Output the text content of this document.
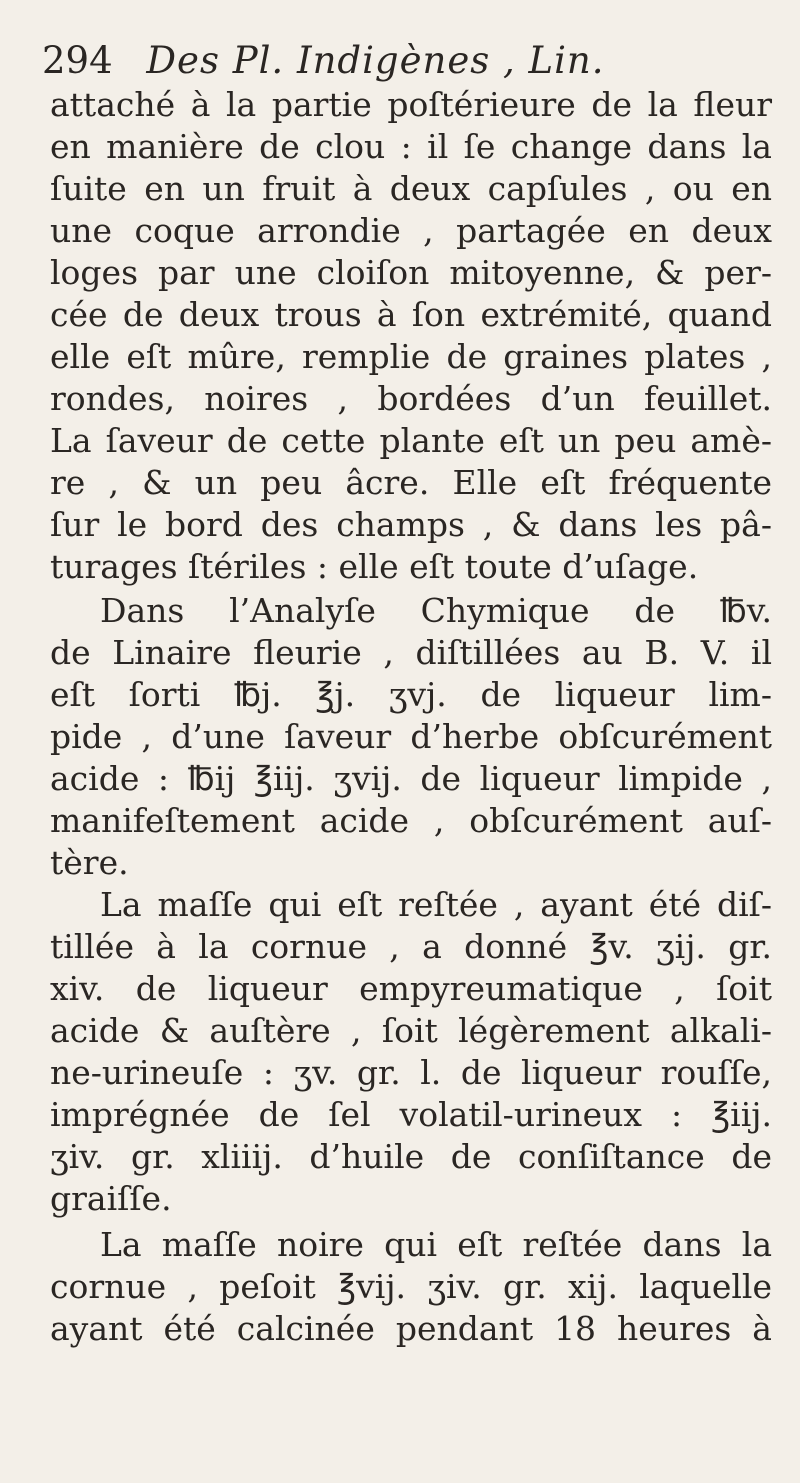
294 Des Pl. Indigènes , Lin.
attaché à la partie poſtérieure de la fleur
en manière de clou : il ſe change dans la
ſuite en un fruit à deux capſules , ou en
une coque arrondie , partagée en deux
loges par une cloiſon mitoyenne, & per-
cée de deux trous à ſon extrémité, quand
elle eſt mûre, remplie de graines plates ,
rondes, noires , bordées d’un feuillet.
La ſaveur de cette plante eſt un peu amè-
re , & un peu âcre. Elle eſt fréquente
ſur le bord des champs , & dans les pâ-
turages ſtériles : elle eſt toute d’uſage.
Dans l’Analyſe Chymique de ℔v.
de Linaire fleurie , diſtillées au B. V. il
eſt ſorti ℔j. ℥j. ʒvj. de liqueur lim-
pide , d’une ſaveur d’herbe obſcurément
acide : ℔ij ℥iij. ʒvij. de liqueur limpide ,
manifeſtement acide , obſcurément auſ-
tère.
La maſſe qui eſt reſtée , ayant été diſ-
tillée à la cornue , a donné ℥v. ʒij. gr.
xiv. de liqueur empyreumatique , ſoit
acide & auſtère , ſoit légèrement alkali-
ne-urineuſe : ʒv. gr. l. de liqueur rouſſe,
imprégnée de ſel volatil-urineux : ℥iij.
ʒiv. gr. xliiij. d’huile de conſiſtance de
graiſſe.
La maſſe noire qui eſt reſtée dans la
cornue , peſoit ℥vij. ʒiv. gr. xij. laquelle
ayant été calcinée pendant 18 heures à
